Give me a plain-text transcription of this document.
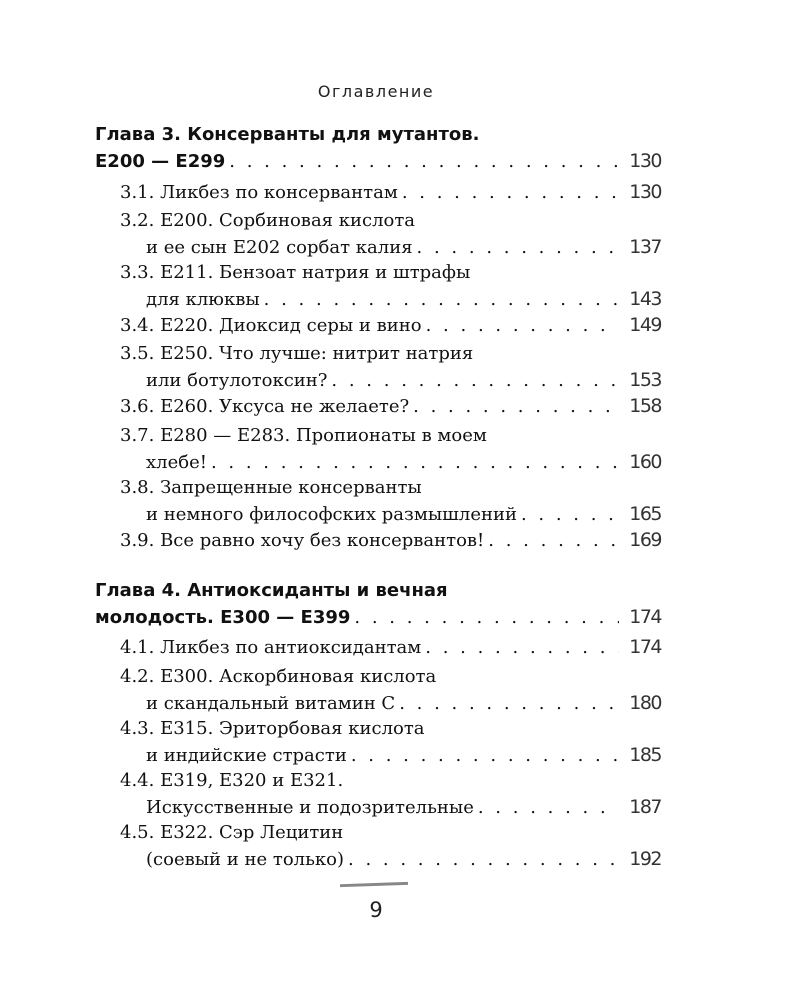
Оглавление
Глава 3. Консерванты для мутантов.
E200 — E299 . . .	130
3.1. Ликбез по консервантам . . .	130
3.2. E200. Сорбиновая кислота
и ее сын E202 сорбат калия . . .	137
3.3. E211. Бензоат натрия и штрафы
для клюквы . . .	143
3.4. E220. Диоксид серы и вино . . .	149
3.5. E250. Что лучше: нитрит натрия
или ботулотоксин? . . .	153
3.6. E260. Уксуса не желаете? . . .	158
3.7. E280 — E283. Пропионаты в моем
хлебе! . . .	160
3.8. Запрещенные консерванты
и немного философских размышлений . . .	165
3.9. Все равно хочу без консервантов! . . .	169
Глава 4. Антиоксиданты и вечная
молодость. E300 — E399 . . .	174
4.1. Ликбез по антиоксидантам . . .	174
4.2. E300. Аскорбиновая кислота
и скандальный витамин C . . .	180
4.3. E315. Эриторбовая кислота
и индийские страсти . . .	185
4.4. E319, E320 и E321.
Искусственные и подозрительные . . .	187
4.5. E322. Сэр Лецитин
(соевый и не только) . . .	192
9
